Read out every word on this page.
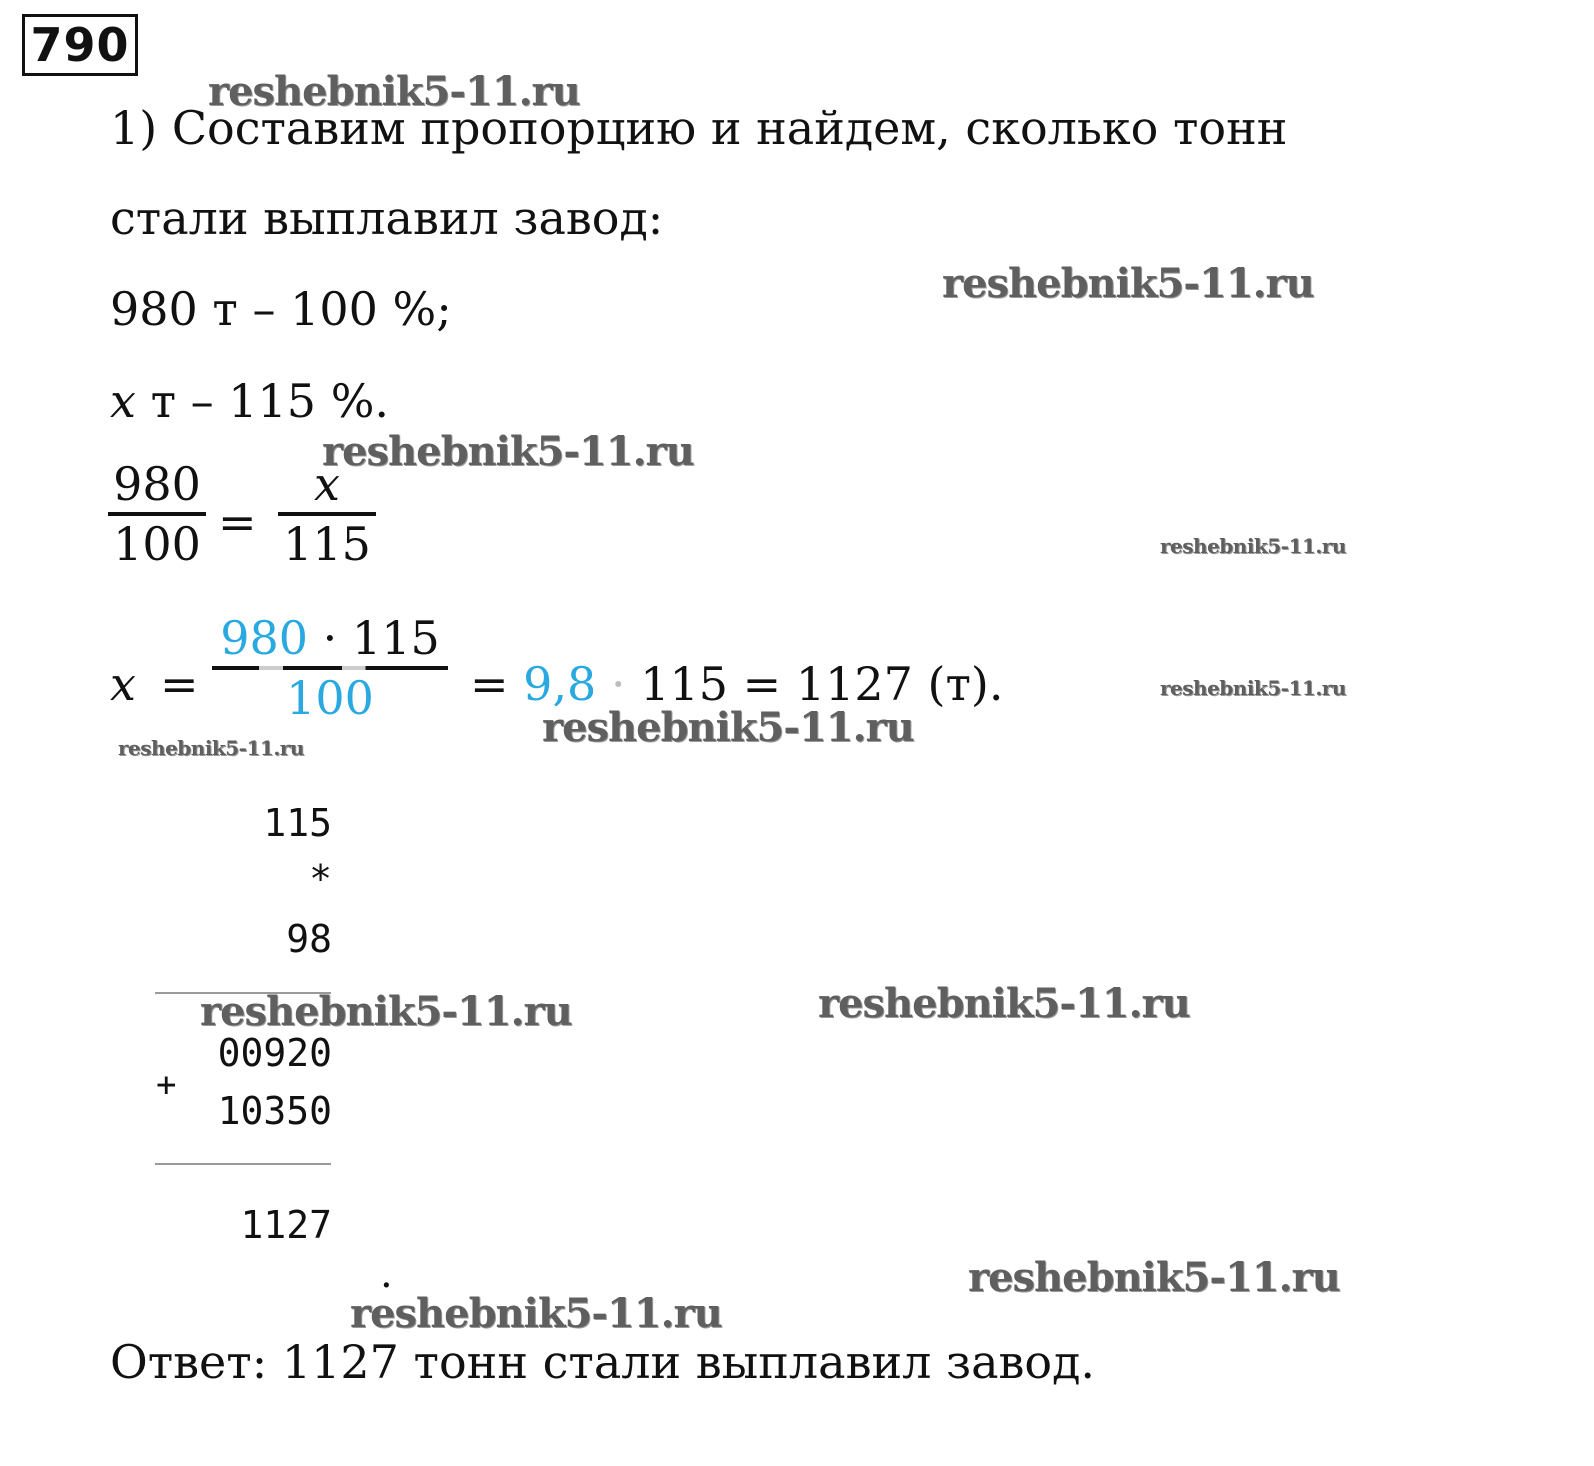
790
1) Составим пропорцию и найдем, сколько тонн
стали выплавил завод:
980 т – 100 %;
x т – 115 %.
980
100 =
x
115
x =
980 · 115
100 = 9,8 · 115 = 1127 (т).
115
*
98
00920
+
10350
1127
.
Ответ: 1127 тонн стали выплавил завод.
reshebnik5-11.ru
reshebnik5-11.ru
reshebnik5-11.ru
reshebnik5-11.ru
reshebnik5-11.ru
reshebnik5-11.ru
reshebnik5-11.ru
reshebnik5-11.ru	reshebnik5-11.ru
reshebnik5-11.ru
reshebnik5-11.ru
